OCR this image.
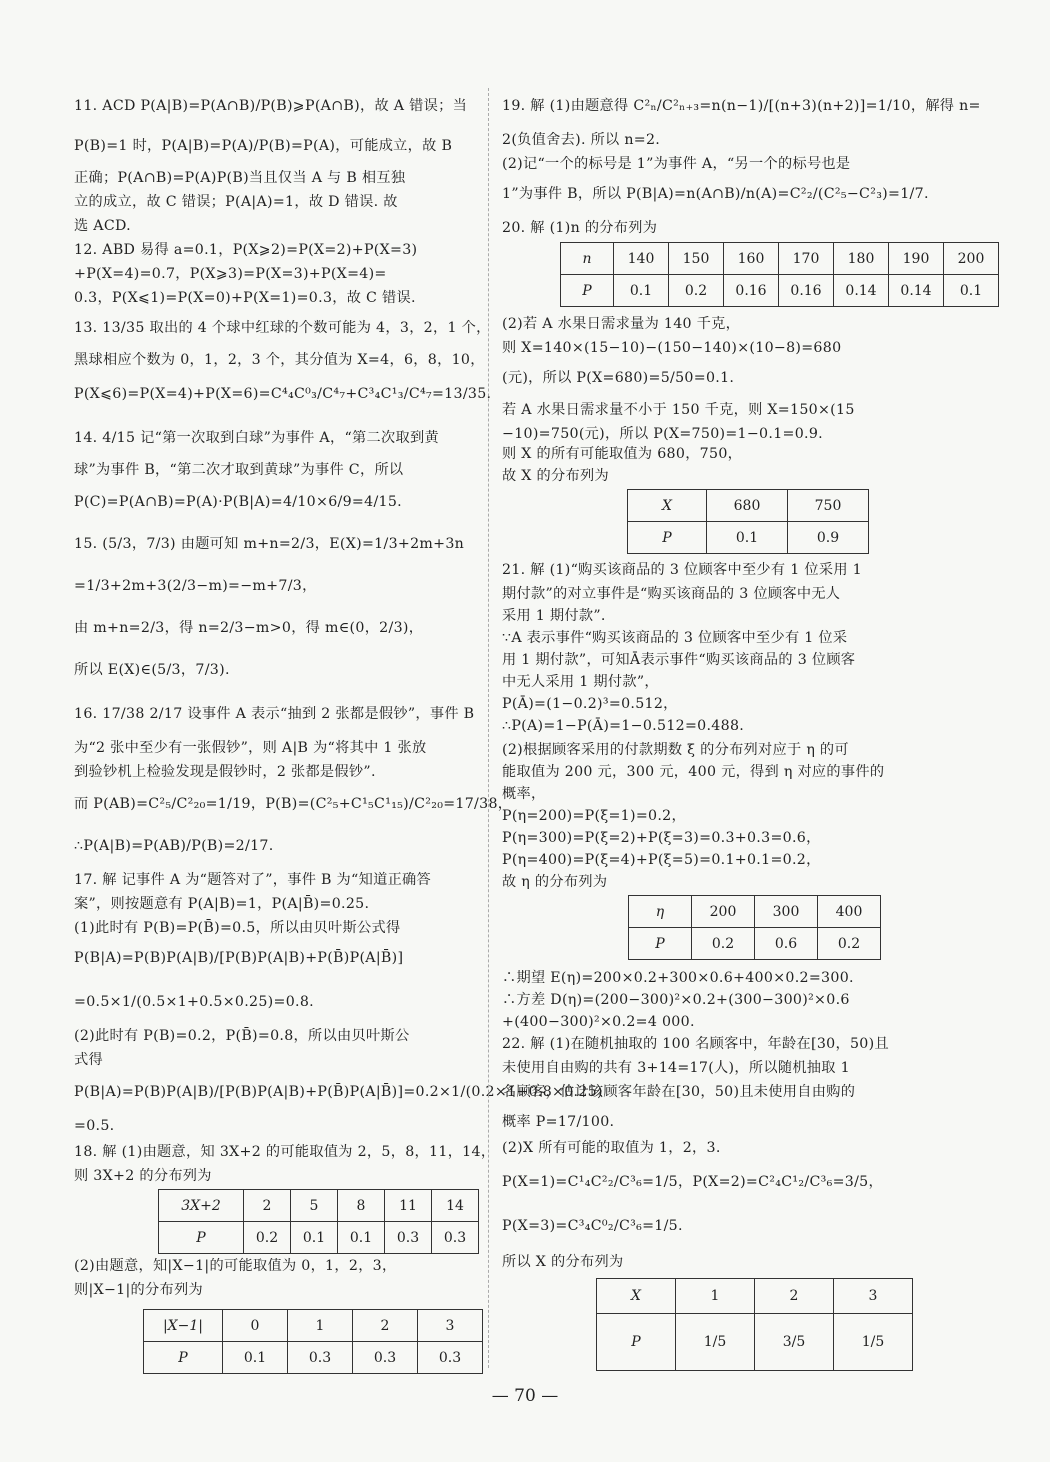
11. ACD P(A|B)=P(A∩B)/P(B)⩾P(A∩B)，故 A 错误；当
P(B)=1 时，P(A|B)=P(A)/P(B)=P(A)，可能成立，故 B
正确；P(A∩B)=P(A)P(B)当且仅当 A 与 B 相互独
立的成立，故 C 错误；P(A|A)=1，故 D 错误. 故
选 ACD.
12. ABD 易得 a=0.1，P(X⩾2)=P(X=2)+P(X=3)
+P(X=4)=0.7，P(X⩾3)=P(X=3)+P(X=4)=
0.3，P(X⩽1)=P(X=0)+P(X=1)=0.3，故 C 错误.
13. 13/35 取出的 4 个球中红球的个数可能为 4，3，2，1 个，
黑球相应个数为 0，1，2，3 个，其分值为 X=4，6，8，10，
P(X⩽6)=P(X=4)+P(X=6)=C⁴₄C⁰₃/C⁴₇+C³₄C¹₃/C⁴₇=13/35.
14. 4/15 记“第一次取到白球”为事件 A，“第二次取到黄
球”为事件 B，“第二次才取到黄球”为事件 C，所以
P(C)=P(A∩B)=P(A)·P(B|A)=4/10×6/9=4/15.
15. (5/3，7/3) 由题可知 m+n=2/3，E(X)=1/3+2m+3n
=1/3+2m+3(2/3−m)=−m+7/3，
由 m+n=2/3，得 n=2/3−m>0，得 m∈(0，2/3)，
所以 E(X)∈(5/3，7/3).
16. 17/38 2/17 设事件 A 表示“抽到 2 张都是假钞”，事件 B
为“2 张中至少有一张假钞”，则 A|B 为“将其中 1 张放
到验钞机上检验发现是假钞时，2 张都是假钞”.
而 P(AB)=C²₅/C²₂₀=1/19，P(B)=(C²₅+C¹₅C¹₁₅)/C²₂₀=17/38，
∴P(A|B)=P(AB)/P(B)=2/17.
17. 解 记事件 A 为“题答对了”，事件 B 为“知道正确答
案”，则按题意有 P(A|B)=1，P(A|B̄)=0.25.
(1)此时有 P(B)=P(B̄)=0.5，所以由贝叶斯公式得
P(B|A)=P(B)P(A|B)/[P(B)P(A|B)+P(B̄)P(A|B̄)]
=0.5×1/(0.5×1+0.5×0.25)=0.8.
(2)此时有 P(B)=0.2，P(B̄)=0.8，所以由贝叶斯公
式得
P(B|A)=P(B)P(A|B)/[P(B)P(A|B)+P(B̄)P(A|B̄)]=0.2×1/(0.2×1+0.8×0.25)
=0.5.
18. 解 (1)由题意，知 3X+2 的可能取值为 2，5，8，11，14，
则 3X+2 的分布列为
(2)由题意，知|X−1|的可能取值为 0，1，2，3，
则|X−1|的分布列为
19. 解 (1)由题意得 C²ₙ/C²ₙ₊₃=n(n−1)/[(n+3)(n+2)]=1/10，解得 n=
2(负值舍去). 所以 n=2.
(2)记“一个的标号是 1”为事件 A，“另一个的标号也是
1”为事件 B，所以 P(B|A)=n(A∩B)/n(A)=C²₂/(C²₅−C²₃)=1/7.
20. 解 (1)n 的分布列为
(2)若 A 水果日需求量为 140 千克，
则 X=140×(15−10)−(150−140)×(10−8)=680
(元)，所以 P(X=680)=5/50=0.1.
若 A 水果日需求量不小于 150 千克，则 X=150×(15
−10)=750(元)，所以 P(X=750)=1−0.1=0.9.
则 X 的所有可能取值为 680，750，
故 X 的分布列为
21. 解 (1)“购买该商品的 3 位顾客中至少有 1 位采用 1
期付款”的对立事件是“购买该商品的 3 位顾客中无人
采用 1 期付款”.
∵A 表示事件“购买该商品的 3 位顾客中至少有 1 位采
用 1 期付款”，可知Ā表示事件“购买该商品的 3 位顾客
中无人采用 1 期付款”，
P(Ā)=(1−0.2)³=0.512，
∴P(A)=1−P(Ā)=1−0.512=0.488.
(2)根据顾客采用的付款期数 ξ 的分布列对应于 η 的可
能取值为 200 元，300 元，400 元，得到 η 对应的事件的
概率，
P(η=200)=P(ξ=1)=0.2，
P(η=300)=P(ξ=2)+P(ξ=3)=0.3+0.3=0.6，
P(η=400)=P(ξ=4)+P(ξ=5)=0.1+0.1=0.2，
故 η 的分布列为
∴期望 E(η)=200×0.2+300×0.6+400×0.2=300.
∴方差 D(η)=(200−300)²×0.2+(300−300)²×0.6
+(400−300)²×0.2=4 000.
22. 解 (1)在随机抽取的 100 名顾客中，年龄在[30，50)且
未使用自由购的共有 3+14=17(人)，所以随机抽取 1
名顾客，估计该顾客年龄在[30，50)且未使用自由购的
概率 P=17/100.
(2)X 所有可能的取值为 1，2，3.
P(X=1)=C¹₄C²₂/C³₆=1/5，P(X=2)=C²₄C¹₂/C³₆=3/5，
P(X=3)=C³₄C⁰₂/C³₆=1/5.
所以 X 的分布列为
3X+2	2	5	8	11	14
P	0.2	0.1	0.1	0.3	0.3
|X−1|	0	1	2	3
P	0.1	0.3	0.3	0.3
n	140	150	160	170	180	190	200
P	0.1	0.2	0.16	0.16	0.14	0.14	0.1
X	680	750
P	0.1	0.9
η	200	300	400
P	0.2	0.6	0.2
X	1	2	3
P	1/5	3/5	1/5
— 70 —
